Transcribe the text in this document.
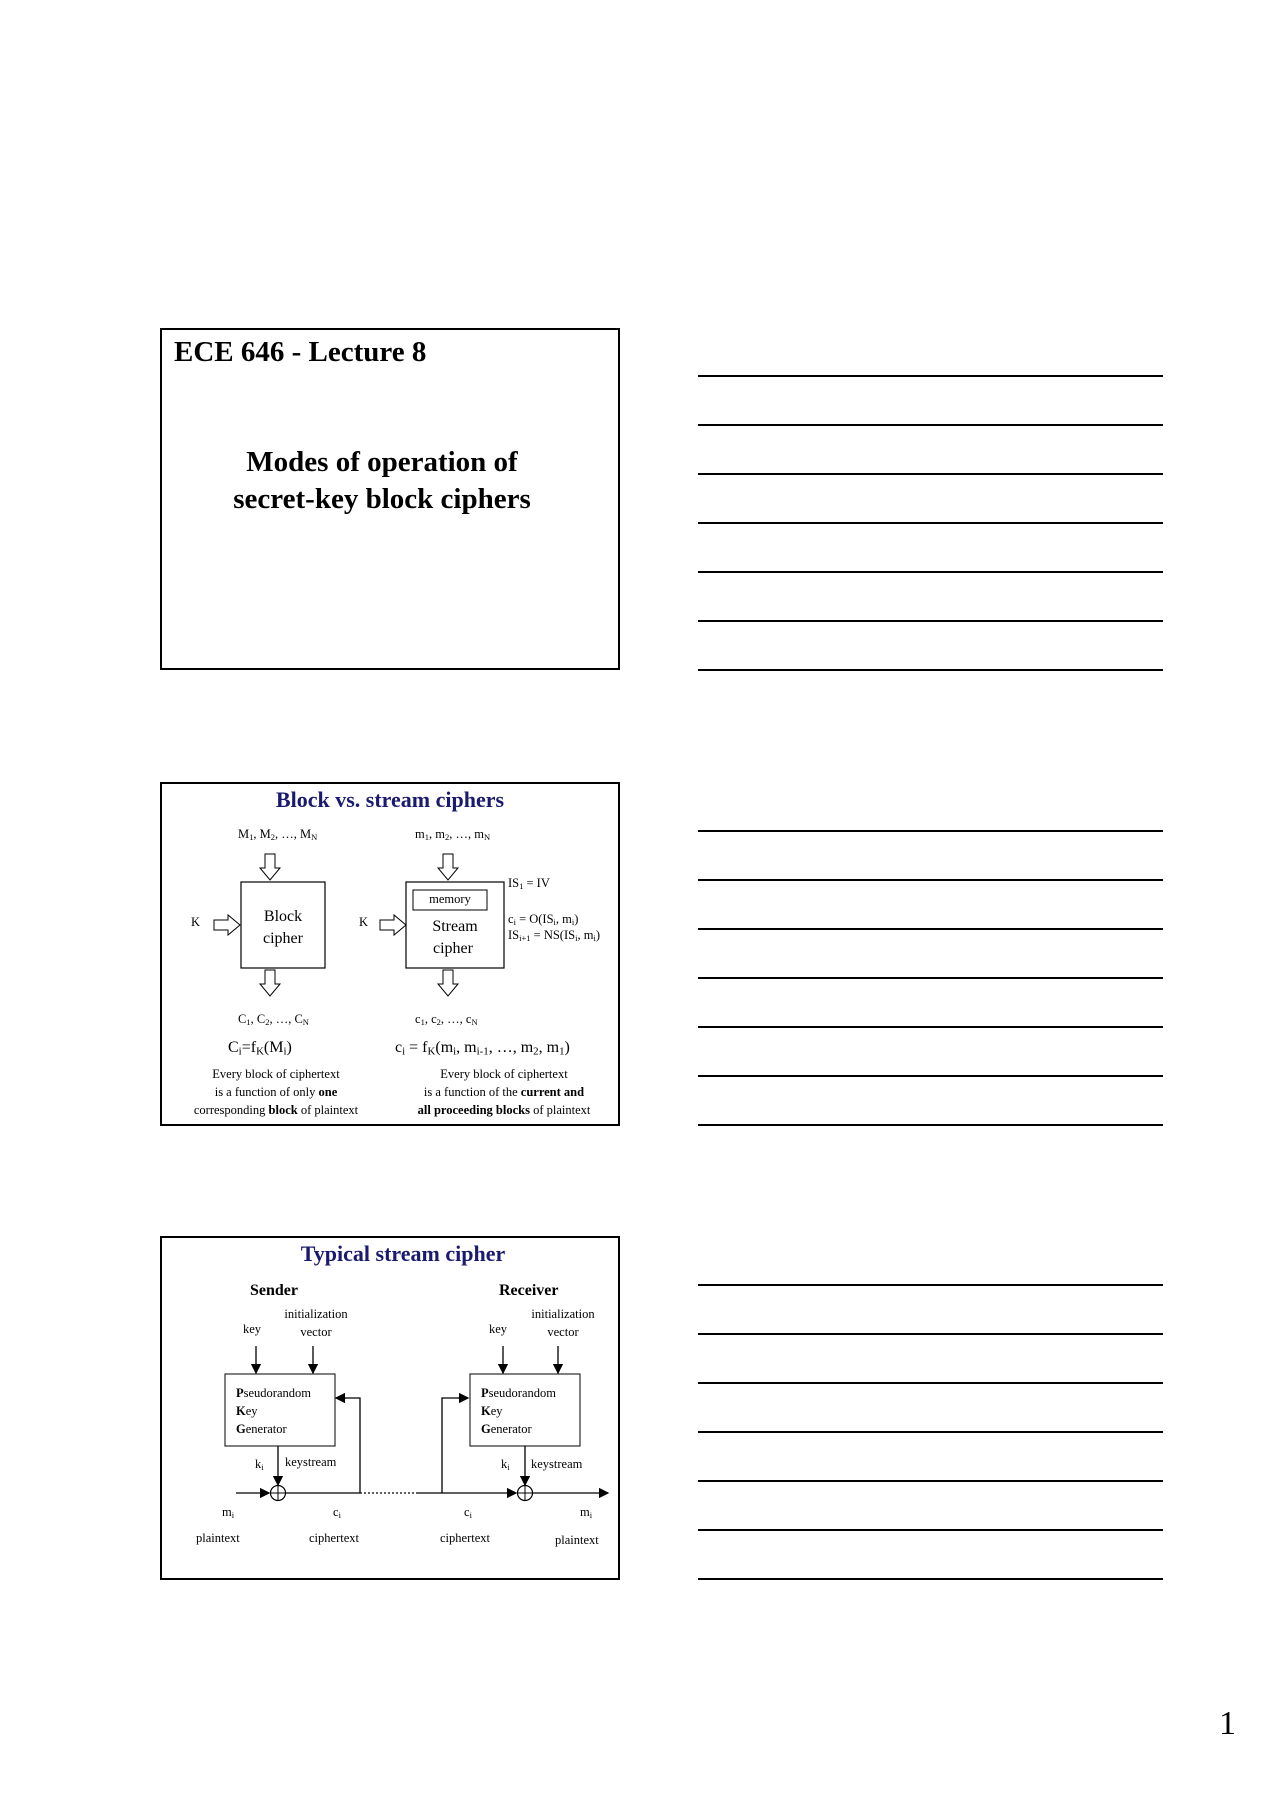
ECE 646 - Lecture 8
Modes of operation of
secret-key block ciphers
Block vs. stream ciphers
$M_1$, $M_2$, …, $M_N$	$m_1$, $m_2$, …, $m_N$
K	K
Block
cipher
memory
Stream
cipher
$IS_1$ = IV
$c_i = O(IS_i$, $m_i$)
$IS_{i+1} = NS(IS_i$, $m_i$)
$C_1$, $C_2$, …, $C_N$	$c_1$, $c_2$, …, $c_N$
$C_i=f_K(M_i)$	$c_i = f_K(m_i$, $m_{i-1}$, …, $m_2$, $m_1$)
Every block of ciphertext
is a function of only one
corresponding block of plaintext
Every block of ciphertext
is a function of the current and
all proceeding blocks of plaintext
Typical stream cipher
Sender	Receiver
key
initialization
vector	key
initialization
vector
Pseudorandom
Key
Generator
Pseudorandom
Key
Generator
$k_i$ keystream	$k_i$ keystream
$m_i$	$c_i$	$c_i$	$m_i$
plaintext	ciphertext	ciphertext	plaintext
1
